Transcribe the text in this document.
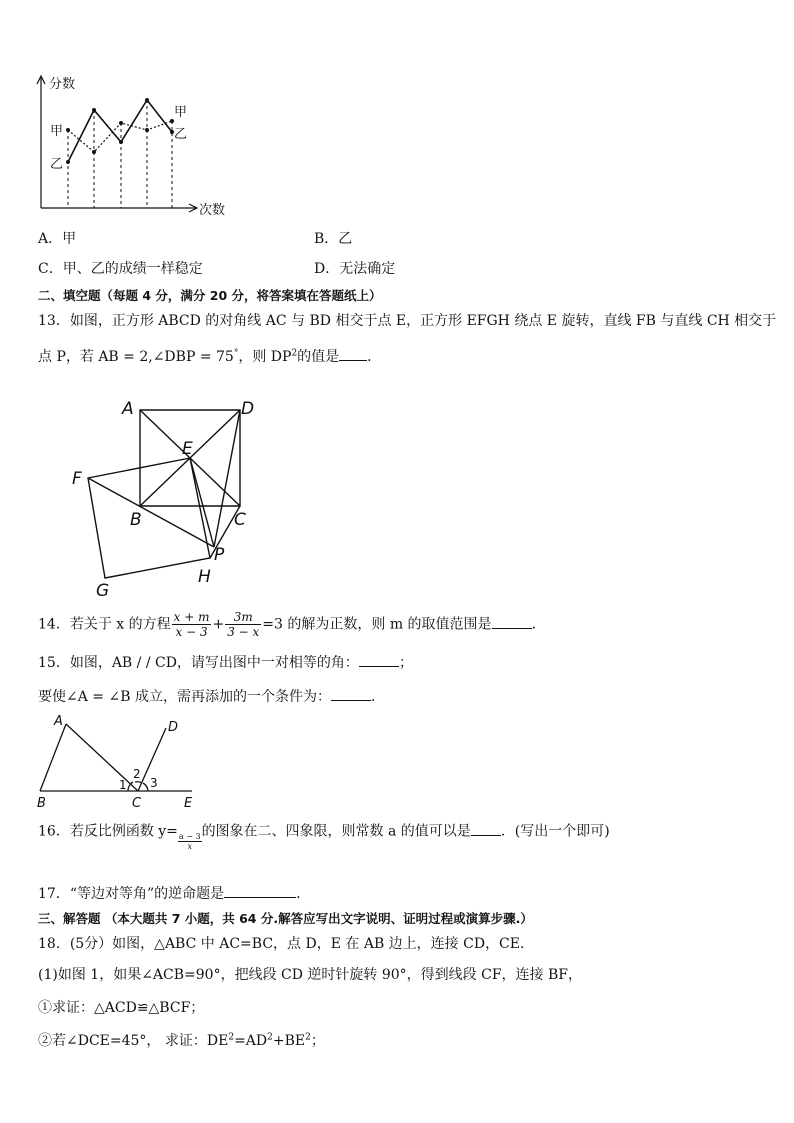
分数
次数
甲
乙
甲
乙
A．甲	B．乙
C．甲、乙的成绩一样稳定	D．无法确定
二、填空题（每题 4 分，满分 20 分，将答案填在答题纸上）
13．如图，正方形 ABCD 的对角线 AC 与 BD 相交于点 E，正方形 EFGH 绕点 E 旋转，直线 FB 与直线 CH 相交于
点 P，若 AB = 2,∠DBP = 75°，则 $DP^2$的值是 ．
A	D
E
F
B	C
P
G
H
14．若关于 x 的方程 $\frac{x + m}{x - 3} + \frac{3m}{3 - x} =3$ 的解为正数，则 m 的取值范围是	．
15．如图，AB / / CD，请写出图中一对相等的角：	；
要使∠A = ∠B 成立，需再添加的一个条件为：	．
A	D
B	C	E
1
2
3
16．若反比例函数 y=
$\frac{a - 3}{x}$
的图象在二、四象限，则常数 a 的值可以是 ．(写出一个即可)
17．“等边对等角”的逆命题是	．
三、解答题 （本大题共 7 小题，共 64 分.解答应写出文字说明、证明过程或演算步骤.）
18．(5分）如图，△ABC 中 AC=BC，点 D，E 在 AB 边上，连接 CD，CE．
(1)如图 1，如果∠ACB=90°，把线段 CD 逆时针旋转 90°，得到线段 CF，连接 BF，
①求证：△ACD≌△BCF；
②若∠DCE=45°， 求证：$DE^2=AD^2+BE^2$；
